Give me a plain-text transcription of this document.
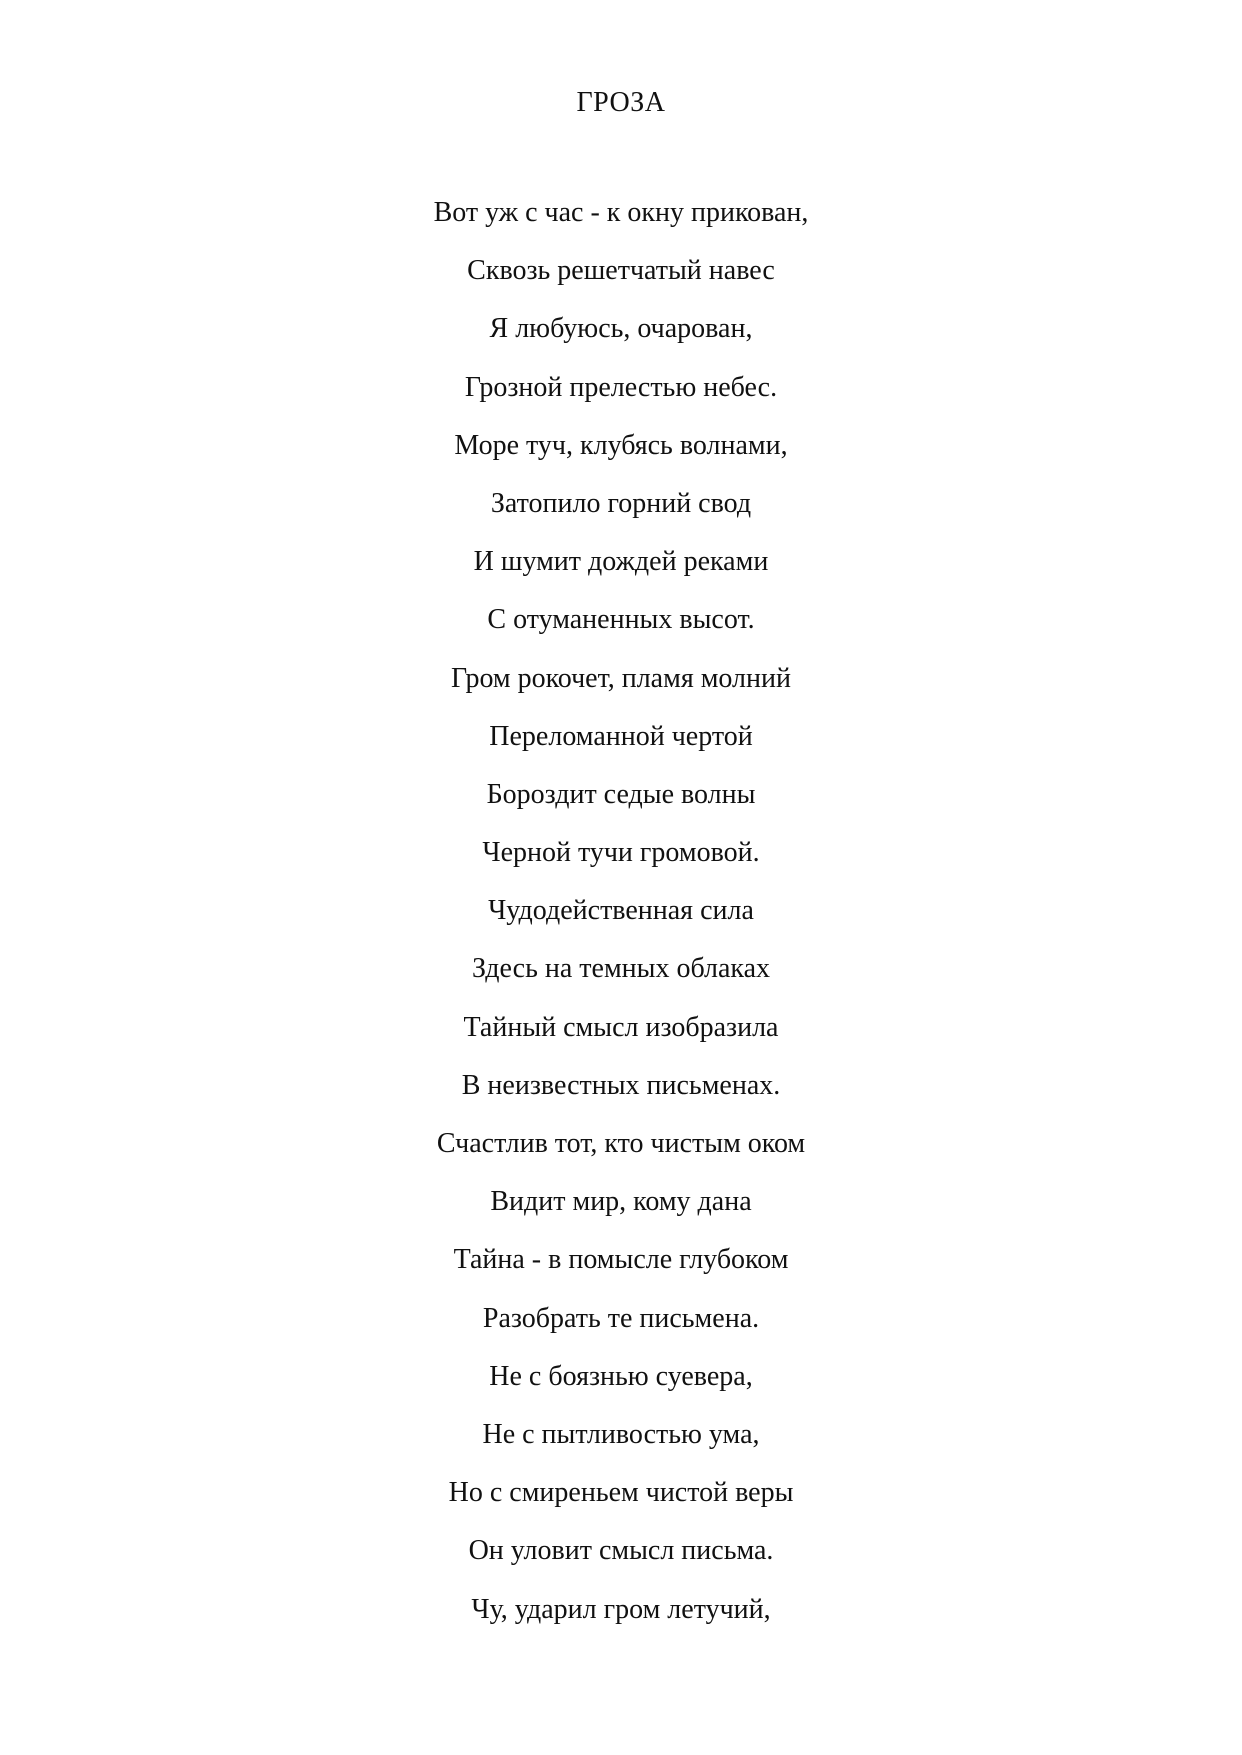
ГРОЗА
Вот уж с час - к окну прикован,
Сквозь решетчатый навес
Я любуюсь, очарован,
Грозной прелестью небес.
Море туч, клубясь волнами,
Затопило горний свод
И шумит дождей реками
С отуманенных высот.
Гром рокочет, пламя молний
Переломанной чертой
Бороздит седые волны
Черной тучи громовой.
Чудодейственная сила
Здесь на темных облаках
Тайный смысл изобразила
В неизвестных письменах.
Счастлив тот, кто чистым оком
Видит мир, кому дана
Тайна - в помысле глубоком
Разобрать те письмена.
Не с боязнью суевера,
Не с пытливостью ума,
Но с смиреньем чистой веры
Он уловит смысл письма.
Чу, ударил гром летучий,
